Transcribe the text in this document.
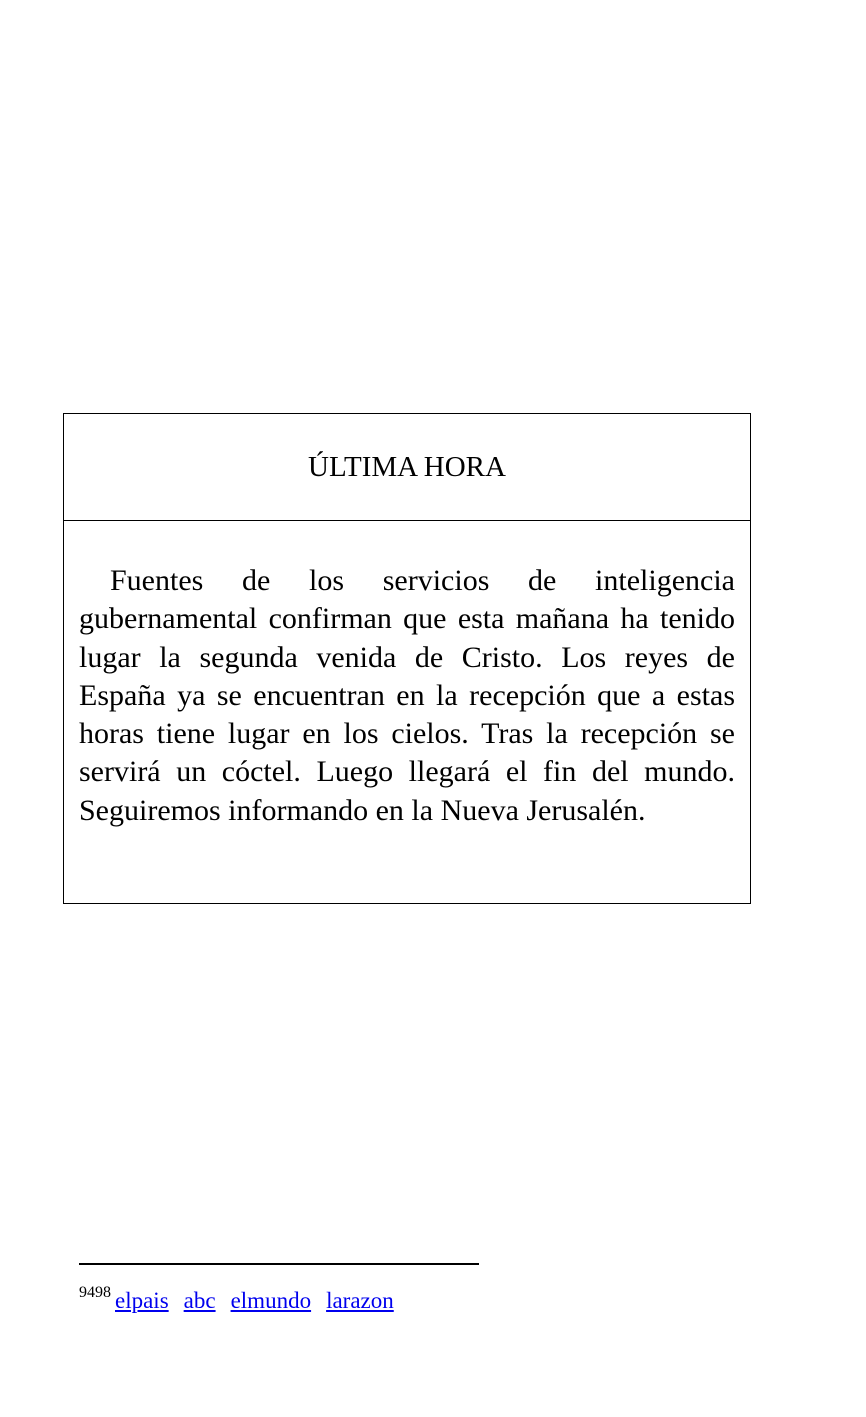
ÚLTIMA HORA

Fuentes de los servicios de inteligencia gubernamental confirman que esta mañana ha tenido lugar la segunda venida de Cristo. Los reyes de España ya se encuentran en la recepción que a estas horas tiene lugar en los cielos. Tras la recepción se servirá un cóctel. Luego llegará el fin del mundo. Seguiremos informando en la Nueva Jerusalén.

$^{9498}$ elpais abc elmundo larazon
